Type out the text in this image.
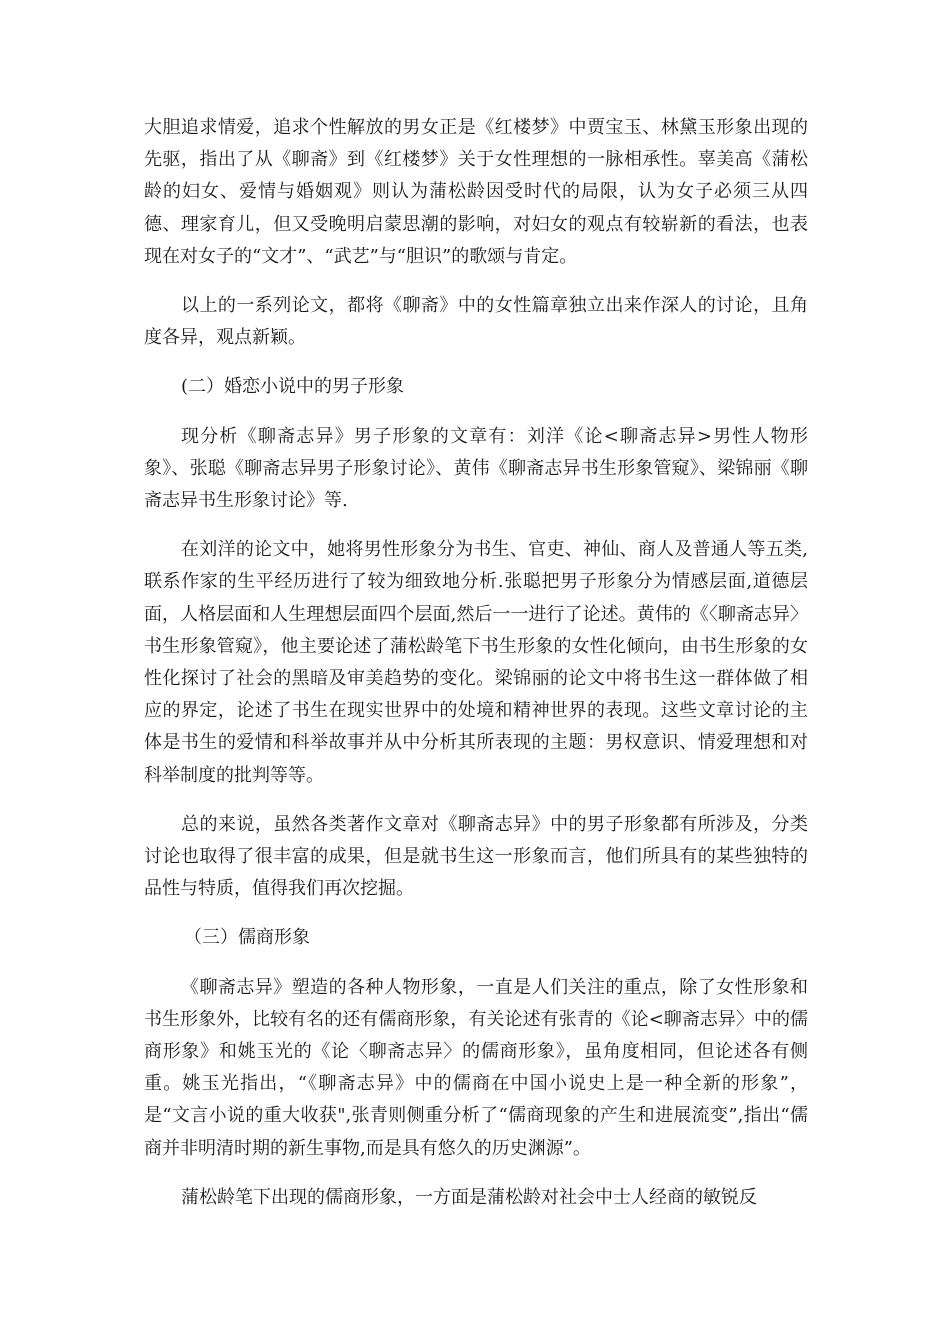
大胆追求情爱，追求个性解放的男女正是《红楼梦》中贾宝玉、林黛玉形象出现的先驱，指出了从《聊斋》到《红楼梦》关于女性理想的一脉相承性。辜美高《蒲松龄的妇女、爱情与婚姻观》则认为蒲松龄因受时代的局限，认为女子必须三从四德、理家育儿，但又受晚明启蒙思潮的影响，对妇女的观点有较崭新的看法，也表现在对女子的“文才”、“武艺”与“胆识”的歌颂与肯定。

以上的一系列论文，都将《聊斋》中的女性篇章独立出来作深人的讨论，且角度各异，观点新颖。

(二）婚恋小说中的男子形象

现分析《聊斋志异》男子形象的文章有：刘洋《论<聊斋志异>男性人物形象》、张聪《聊斋志异男子形象讨论》、黄伟《聊斋志异书生形象管窥》、梁锦丽《聊斋志异书生形象讨论》等.

在刘洋的论文中，她将男性形象分为书生、官吏、神仙、商人及普通人等五类,联系作家的生平经历进行了较为细致地分析.张聪把男子形象分为情感层面,道德层面，人格层面和人生理想层面四个层面,然后一一进行了论述。黄伟的《〈聊斋志异〉书生形象管窥》，他主要论述了蒲松龄笔下书生形象的女性化倾向，由书生形象的女性化探讨了社会的黑暗及审美趋势的变化。梁锦丽的论文中将书生这一群体做了相应的界定，论述了书生在现实世界中的处境和精神世界的表现。这些文章讨论的主体是书生的爱情和科举故事并从中分析其所表现的主题：男权意识、情爱理想和对科举制度的批判等等。

总的来说，虽然各类著作文章对《聊斋志异》中的男子形象都有所涉及，分类讨论也取得了很丰富的成果，但是就书生这一形象而言，他们所具有的某些独特的品性与特质，值得我们再次挖掘。

（三）儒商形象

《聊斋志异》塑造的各种人物形象，一直是人们关注的重点，除了女性形象和书生形象外，比较有名的还有儒商形象，有关论述有张青的《论<聊斋志异〉中的儒商形象》和姚玉光的《论〈聊斋志异〉的儒商形象》，虽角度相同，但论述各有侧重。姚玉光指出，“《聊斋志异》中的儒商在中国小说史上是一种全新的形象”，是“文言小说的重大收获",张青则侧重分析了“儒商现象的产生和进展流变”,指出“儒商并非明清时期的新生事物,而是具有悠久的历史渊源”。

蒲松龄笔下出现的儒商形象，一方面是蒲松龄对社会中士人经商的敏锐反
